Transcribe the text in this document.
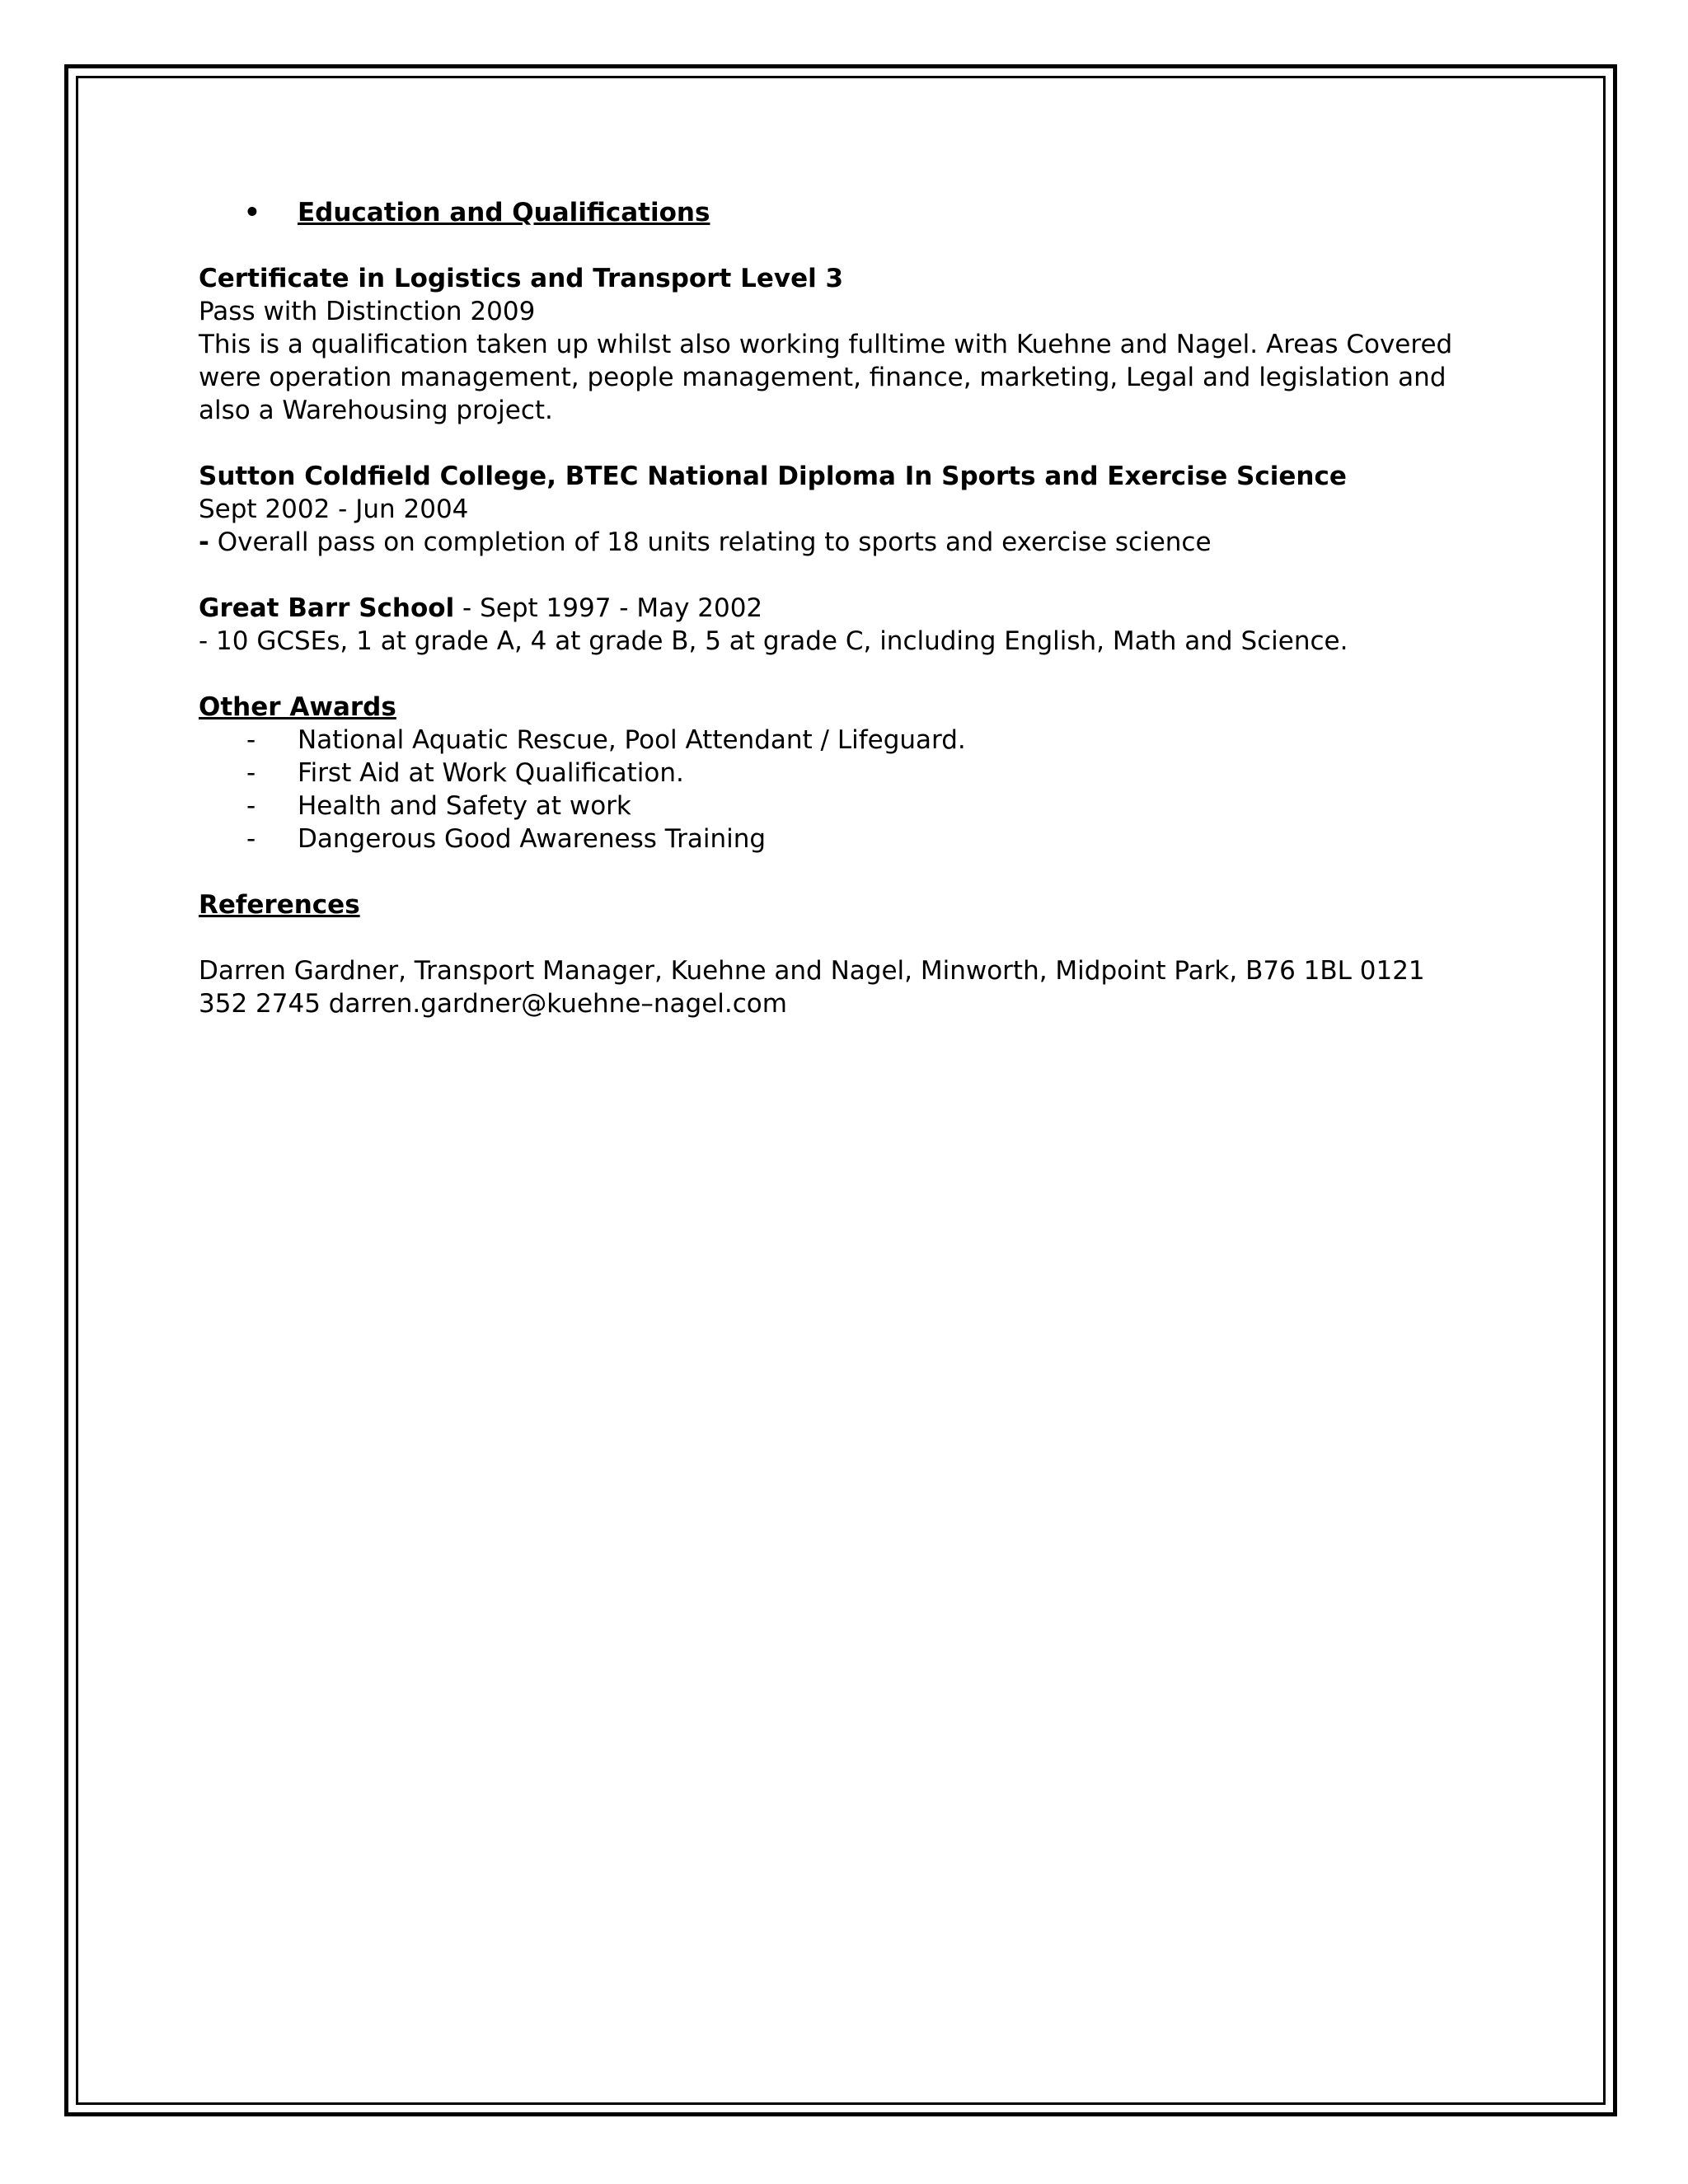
• Education and Qualifications

Certificate in Logistics and Transport Level 3

Pass with Distinction 2009

This is a qualification taken up whilst also working fulltime with Kuehne and Nagel. Areas Covered were operation management, people management, finance, marketing, Legal and legislation and also a Warehousing project.

Sutton Coldfield College, BTEC National Diploma In Sports and Exercise Science

Sept 2002 - Jun 2004

- Overall pass on completion of 18 units relating to sports and exercise science

Great Barr School - Sept 1997 - May 2002

- 10 GCSEs, 1 at grade A, 4 at grade B, 5 at grade C, including English, Math and Science.

Other Awards

- National Aquatic Rescue, Pool Attendant / Lifeguard.
- First Aid at Work Qualification.
- Health and Safety at work
- Dangerous Good Awareness Training

References

Darren Gardner, Transport Manager, Kuehne and Nagel, Minworth, Midpoint Park, B76 1BL 0121 352 2745 darren.gardner@kuehne–nagel.com
